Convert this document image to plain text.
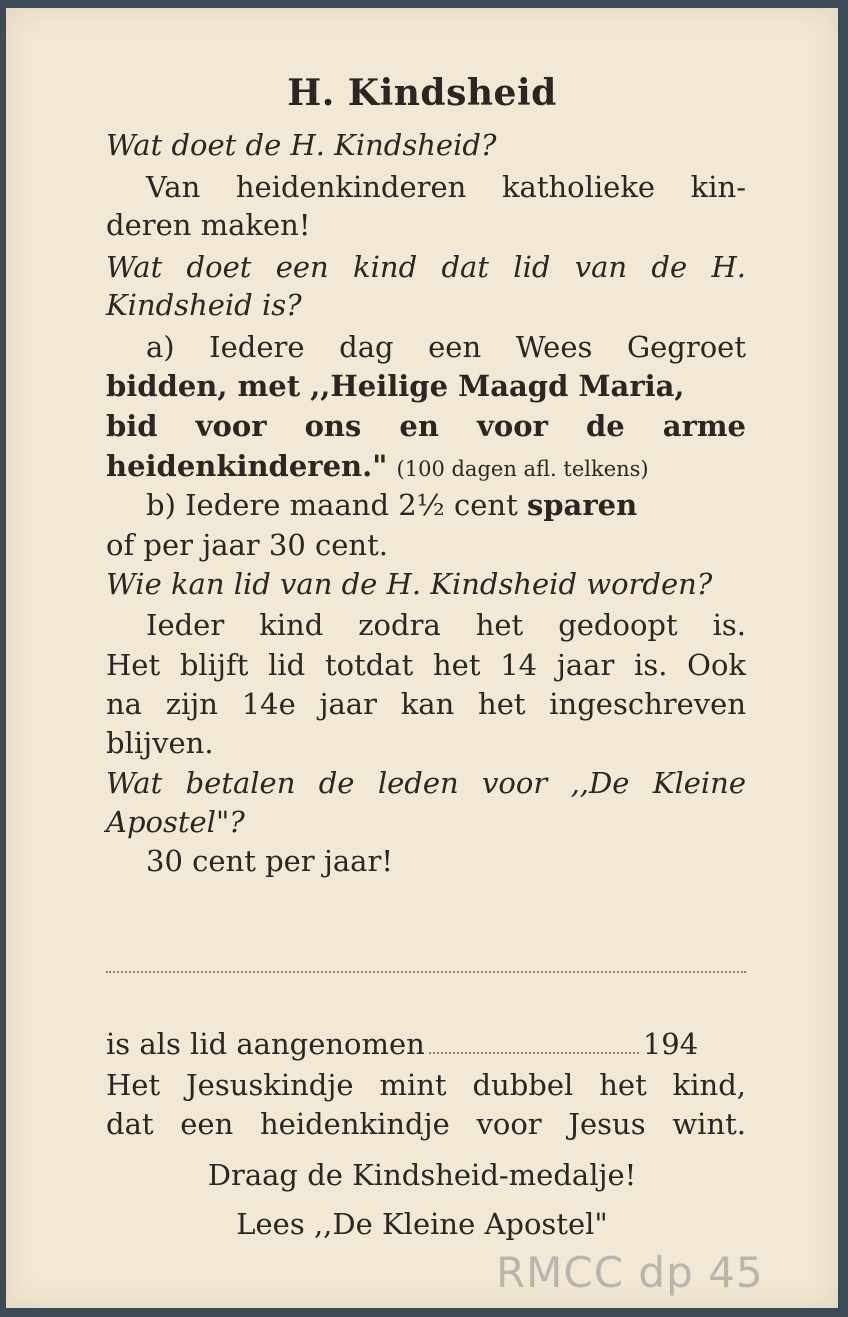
H. Kindsheid
Wat doet de H. Kindsheid?
Van heidenkinderen katholieke kin-
deren maken!
Wat doet een kind dat lid van de H.
Kindsheid is?
a) Iedere dag een Wees Gegroet
bidden, met ,,Heilige Maagd Maria,
bid voor ons en voor de arme
heidenkinderen." (100 dagen afl. telkens)
b) Iedere maand 2½ cent sparen
of per jaar 30 cent.
Wie kan lid van de H. Kindsheid worden?
Ieder kind zodra het gedoopt is.
Het blijft lid totdat het 14 jaar is. Ook
na zijn 14e jaar kan het ingeschreven
blijven.
Wat betalen de leden voor ,,De Kleine
Apostel"?
30 cent per jaar!
is als lid aangenomen	194
Het Jesuskindje mint dubbel het kind,
dat een heidenkindje voor Jesus wint.
Draag de Kindsheid-medalje!
Lees ,,De Kleine Apostel"
RMCC dp 45
